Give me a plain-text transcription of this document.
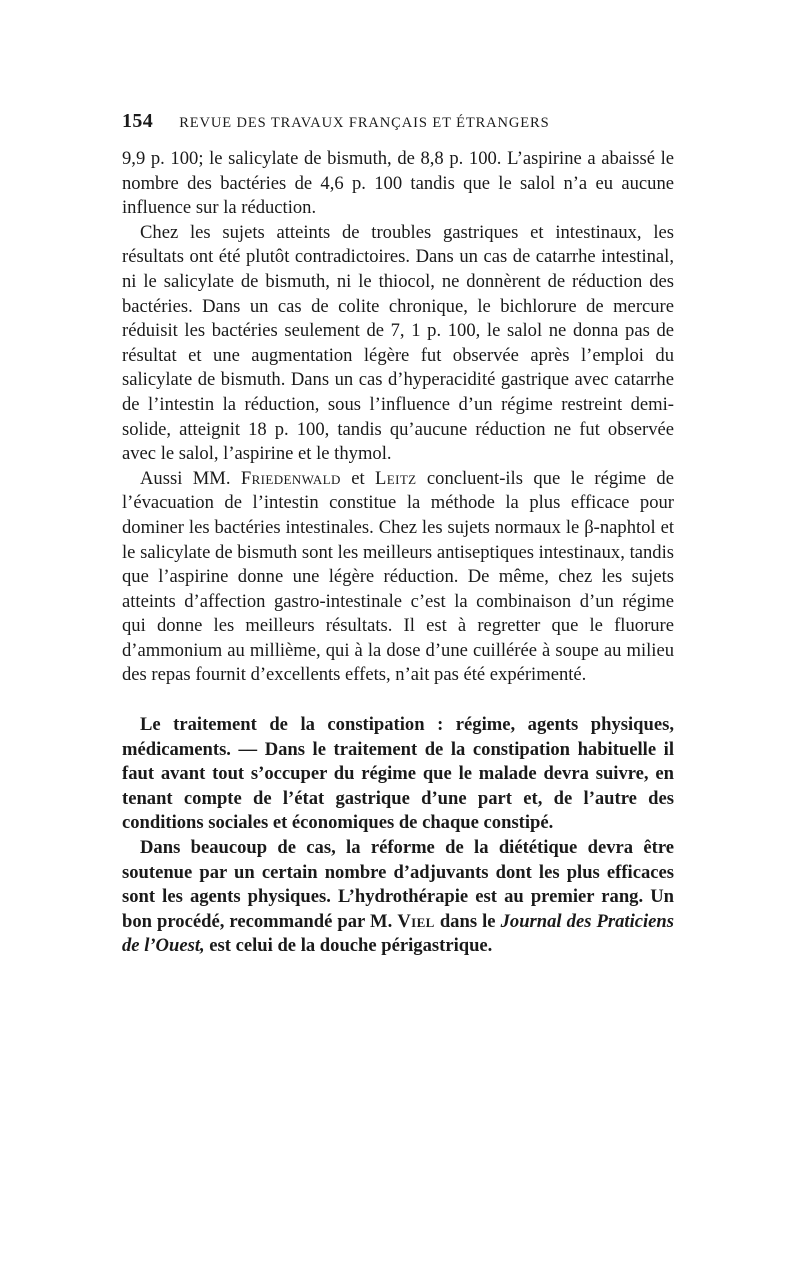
154 REVUE DES TRAVAUX FRANÇAIS ET ÉTRANGERS

9,9 p. 100; le salicylate de bismuth, de 8,8 p. 100. L’aspirine a abaissé le nombre des bactéries de 4,6 p. 100 tandis que le salol n’a eu aucune influence sur la réduction.

Chez les sujets atteints de troubles gastriques et intestinaux, les résultats ont été plutôt contradictoires. Dans un cas de catarrhe intestinal, ni le salicylate de bismuth, ni le thiocol, ne donnèrent de réduction des bactéries. Dans un cas de colite chronique, le bichlorure de mercure réduisit les bactéries seulement de 7, 1 p. 100, le salol ne donna pas de résultat et une augmentation légère fut observée après l’emploi du salicylate de bismuth. Dans un cas d’hyperacidité gastrique avec catarrhe de l’intestin la réduction, sous l’influence d’un régime restreint demi-solide, atteignit 18 p. 100, tandis qu’aucune réduction ne fut observée avec le salol, l’aspirine et le thymol.

Aussi MM. Friedenwald et Leitz concluent-ils que le régime de l’évacuation de l’intestin constitue la méthode la plus efficace pour dominer les bactéries intestinales. Chez les sujets normaux le β-naphtol et le salicylate de bismuth sont les meilleurs antiseptiques intestinaux, tandis que l’aspirine donne une légère réduction. De même, chez les sujets atteints d’affection gastro-intestinale c’est la combinaison d’un régime qui donne les meilleurs résultats. Il est à regretter que le fluorure d’ammonium au millième, qui à la dose d’une cuillérée à soupe au milieu des repas fournit d’excellents effets, n’ait pas été expérimenté.

Le traitement de la constipation : régime, agents physiques, médicaments. — Dans le traitement de la constipation habituelle il faut avant tout s’occuper du régime que le malade devra suivre, en tenant compte de l’état gastrique d’une part et, de l’autre des conditions sociales et économiques de chaque constipé.

Dans beaucoup de cas, la réforme de la diététique devra être soutenue par un certain nombre d’adjuvants dont les plus efficaces sont les agents physiques. L’hydrothérapie est au premier rang. Un bon procédé, recommandé par M. Viel dans le Journal des Praticiens de l’Ouest, est celui de la douche périgastrique.
